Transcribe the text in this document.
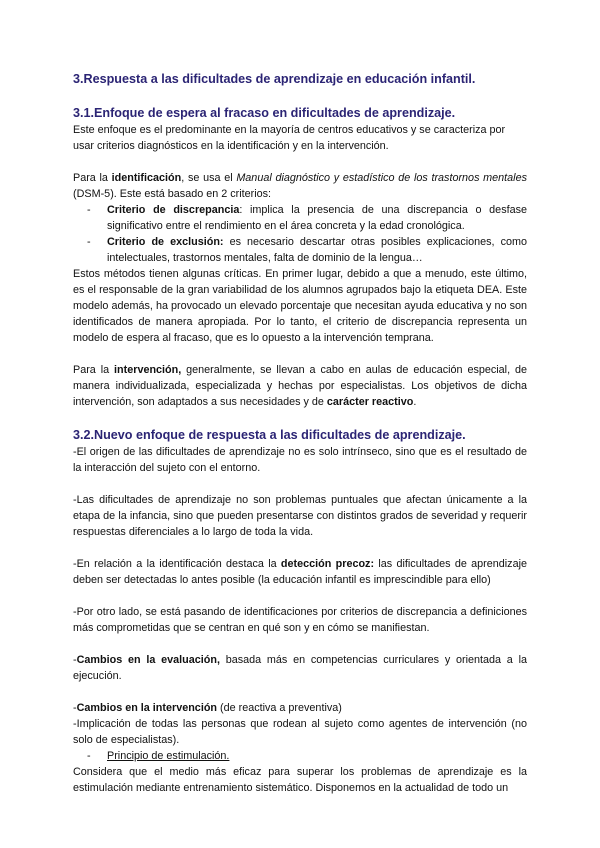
3.Respuesta a las dificultades de aprendizaje en educación infantil.
3.1.Enfoque de espera al fracaso en dificultades de aprendizaje.

Este enfoque es el predominante en la mayoría de centros educativos y se caracteriza por usar criterios diagnósticos en la identificación y en la intervención.

Para la identificación, se usa el Manual diagnóstico y estadístico de los trastornos mentales (DSM-5). Este está basado en 2 criterios:

- Criterio de discrepancia: implica la presencia de una discrepancia o desfase significativo entre el rendimiento en el área concreta y la edad cronológica.
- Criterio de exclusión: es necesario descartar otras posibles explicaciones, como intelectuales, trastornos mentales, falta de dominio de la lengua…

Estos métodos tienen algunas críticas. En primer lugar, debido a que a menudo, este último, es el responsable de la gran variabilidad de los alumnos agrupados bajo la etiqueta DEA. Este modelo además, ha provocado un elevado porcentaje que necesitan ayuda educativa y no son identificados de manera apropiada. Por lo tanto, el criterio de discrepancia representa un modelo de espera al fracaso, que es lo opuesto a la intervención temprana.

Para la intervención, generalmente, se llevan a cabo en aulas de educación especial, de manera individualizada, especializada y hechas por especialistas. Los objetivos de dicha intervención, son adaptados a sus necesidades y de carácter reactivo.

3.2.Nuevo enfoque de respuesta a las dificultades de aprendizaje.

-El origen de las dificultades de aprendizaje no es solo intrínseco, sino que es el resultado de la interacción del sujeto con el entorno.

-Las dificultades de aprendizaje no son problemas puntuales que afectan únicamente a la etapa de la infancia, sino que pueden presentarse con distintos grados de severidad y requerir respuestas diferenciales a lo largo de toda la vida.

-En relación a la identificación destaca la detección precoz: las dificultades de aprendizaje deben ser detectadas lo antes posible (la educación infantil es imprescindible para ello)

-Por otro lado, se está pasando de identificaciones por criterios de discrepancia a definiciones más comprometidas que se centran en qué son y en cómo se manifiestan.

-Cambios en la evaluación, basada más en competencias curriculares y orientada a la ejecución.

-Cambios en la intervención (de reactiva a preventiva)

-Implicación de todas las personas que rodean al sujeto como agentes de intervención (no solo de especialistas).

- Principio de estimulación.

Considera que el medio más eficaz para superar los problemas de aprendizaje es la estimulación mediante entrenamiento sistemático. Disponemos en la actualidad de todo un
